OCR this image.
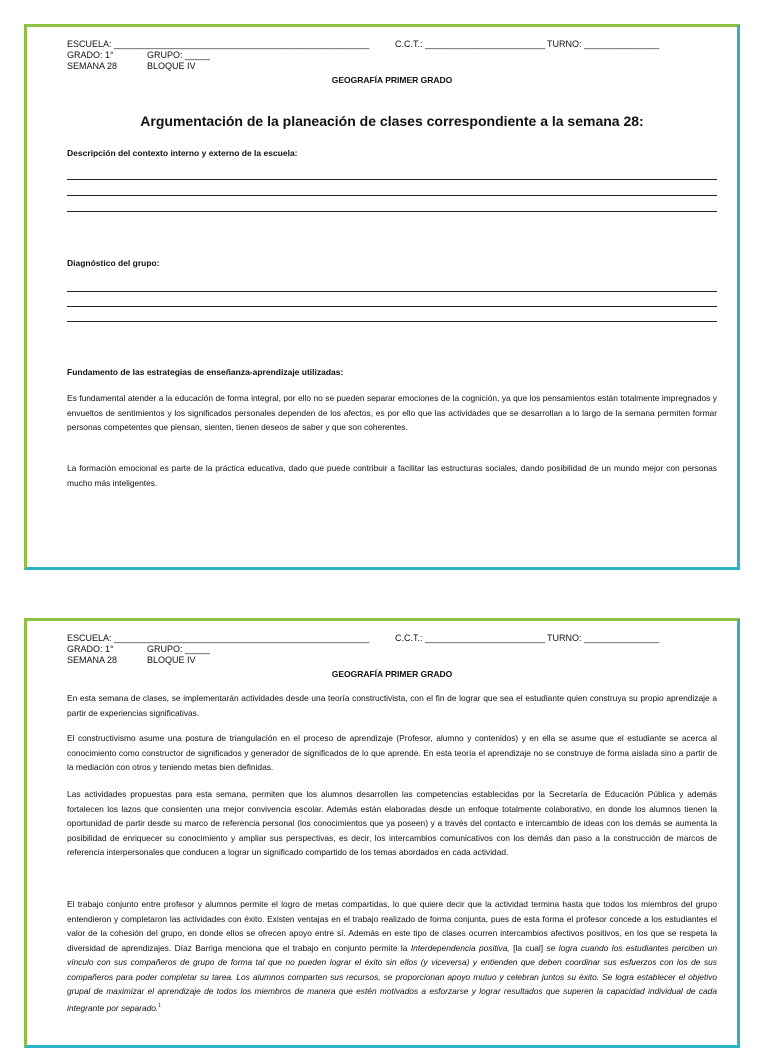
ESCUELA: ___________________________________________________	C.C.T.: ________________________ TURNO: _______________
GRADO: 1°	GRUPO: _____
SEMANA 28	BLOQUE IV
GEOGRAFÍA PRIMER GRADO
Argumentación de la planeación de clases correspondiente a la semana 28:
Descripción del contexto interno y externo de la escuela:
Diagnóstico del grupo:
Fundamento de las estrategias de enseñanza-aprendizaje utilizadas:
Es fundamental atender a la educación de forma integral, por ello no se pueden separar emociones de la cognición, ya que los pensamientos están totalmente impregnados y envueltos de sentimientos y los significados personales dependen de los afectos, es por ello que las actividades que se desarrollan a lo largo de la semana permiten formar personas competentes que piensan, sienten, tienen deseos de saber y que son coherentes.
La formación emocional es parte de la práctica educativa, dado que puede contribuir a facilitar las estructuras sociales, dando posibilidad de un mundo mejor con personas mucho más inteligentes.
ESCUELA: ___________________________________________________	C.C.T.: ________________________ TURNO: _______________
GRADO: 1°	GRUPO: _____
SEMANA 28	BLOQUE IV
GEOGRAFÍA PRIMER GRADO
En esta semana de clases, se implementarán actividades desde una teoría constructivista, con el fin de lograr que sea el estudiante quien construya su propio aprendizaje a partir de experiencias significativas.
El constructivismo asume una postura de triangulación en el proceso de aprendizaje (Profesor, alumno y contenidos) y en ella se asume que el estudiante se acerca al conocimiento como constructor de significados y generador de significados de lo que aprende. En esta teoría el aprendizaje no se construye de forma aislada sino a partir de la mediación con otros y teniendo metas bien definidas.
Las actividades propuestas para esta semana, permiten que los alumnos desarrollen las competencias establecidas por la Secretaría de Educación Pública y además fortalecen los lazos que consienten una mejor convivencia escolar. Además están elaboradas desde un enfoque totalmente colaborativo, en donde los alumnos tienen la oportunidad de partir desde su marco de referencia personal (los conocimientos que ya poseen) y a través del contacto e intercambio de ideas con los demás se aumenta la posibilidad de enriquecer su conocimiento y ampliar sus perspectivas, es decir, los intercambios comunicativos con los demás dan paso a la construcción de marcos de referencia interpersonales que conducen a lograr un significado compartido de los temas abordados en cada actividad.
El trabajo conjunto entre profesor y alumnos permite el logro de metas compartidas, lo que quiere decir que la actividad termina hasta que todos los miembros del grupo entendieron y completaron las actividades con éxito. Existen ventajas en el trabajo realizado de forma conjunta, pues de esta forma el profesor concede a los estudiantes el valor de la cohesión del grupo, en donde ellos se ofrecen apoyo entre sí. Además en este tipo de clases ocurren intercambios afectivos positivos, en los que se respeta la diversidad de aprendizajes. Díaz Barriga menciona que el trabajo en conjunto permite la Interdependencia positiva, [la cual] se logra cuando los estudiantes perciben un vínculo con sus compañeros de grupo de forma tal que no pueden lograr el éxito sin ellos (y viceversa) y entienden que deben coordinar sus esfuerzos con los de sus compañeros para poder completar su tarea. Los alumnos comparten sus recursos, se proporcionan apoyo mutuo y celebran juntos su éxito. Se logra establecer el objetivo grupal de maximizar el aprendizaje de todos los miembros de manera que estén motivados a esforzarse y lograr resultados que superen la capacidad individual de cada integrante por separado.$^1$
